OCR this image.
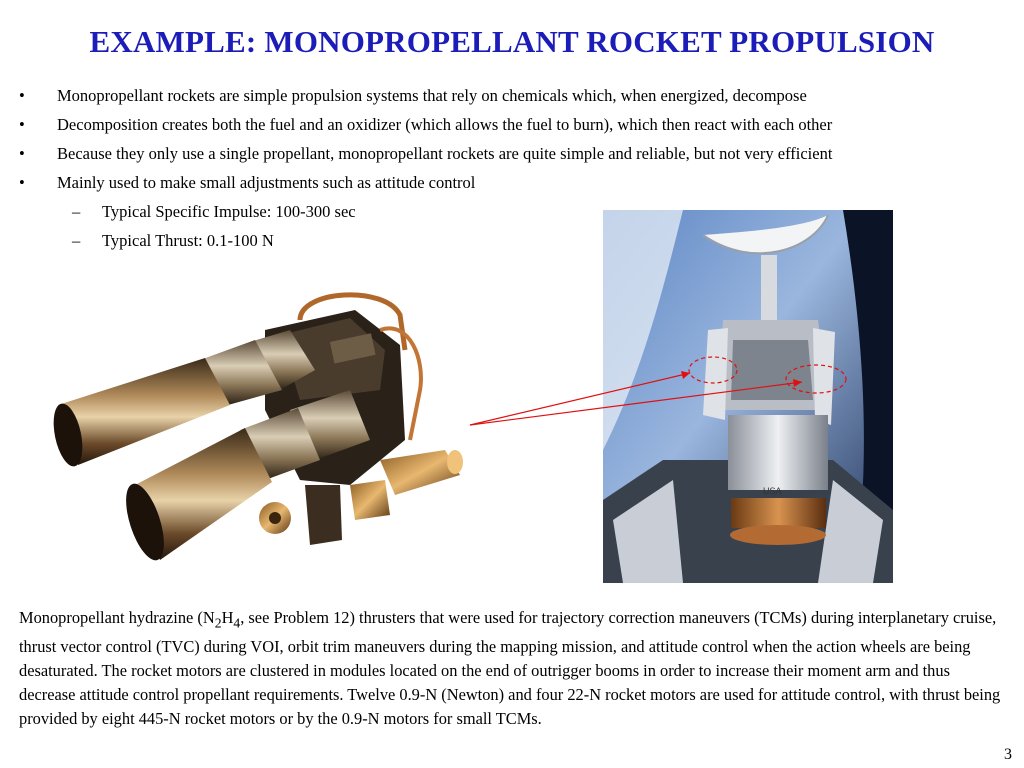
EXAMPLE: MONOPROPELLANT ROCKET PROPULSION
•	Monopropellant rockets are simple propulsion systems that rely on chemicals which, when energized, decompose
•	Decomposition creates both the fuel and an oxidizer (which allows the fuel to burn), which then react with each other
•	Because they only use a single propellant, monopropellant rockets are quite simple and reliable, but not very efficient
•	Mainly used to make small adjustments such as attitude control
–	Typical Specific Impulse: 100-300 sec
–	Typical Thrust: 0.1-100 N
USA

Monopropellant hydrazine ($N_2H_4$, see Problem 12) thrusters that were used for trajectory correction maneuvers (TCMs) during interplanetary cruise, thrust vector control (TVC) during VOI, orbit trim maneuvers during the mapping mission, and attitude control when the action wheels are being desaturated. The rocket motors are clustered in modules located on the end of outrigger booms in order to increase their moment arm and thus decrease attitude control propellant requirements. Twelve 0.9-N (Newton) and four 22-N rocket motors are used for attitude control, with thrust being provided by eight 445-N rocket motors or by the 0.9-N motors for small TCMs.

3
